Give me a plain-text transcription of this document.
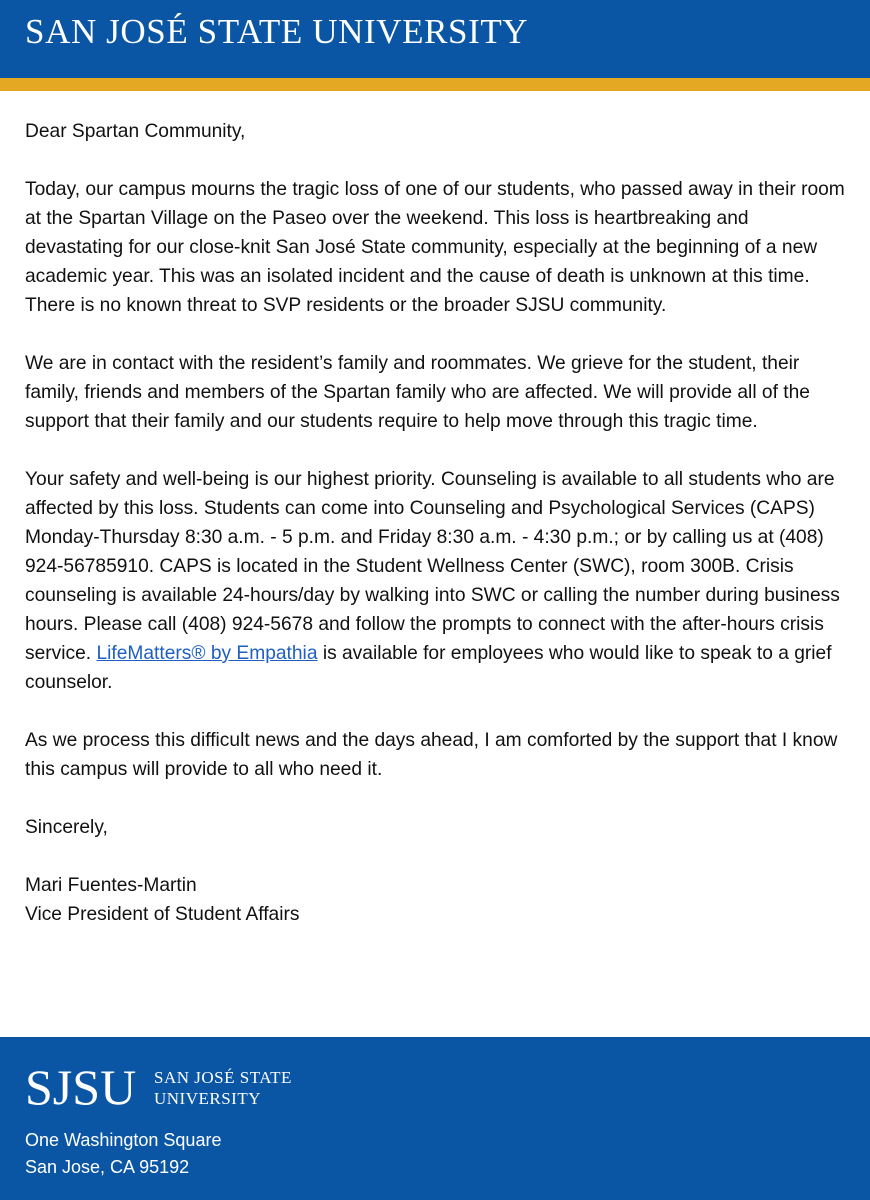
SAN JOSÉ STATE UNIVERSITY

Dear Spartan Community,

Today, our campus mourns the tragic loss of one of our students, who passed away in their room at the Spartan Village on the Paseo over the weekend. This loss is heartbreaking and devastating for our close-knit San José State community, especially at the beginning of a new academic year. This was an isolated incident and the cause of death is unknown at this time. There is no known threat to SVP residents or the broader SJSU community.

We are in contact with the resident’s family and roommates. We grieve for the student, their family, friends and members of the Spartan family who are affected. We will provide all of the support that their family and our students require to help move through this tragic time.

Your safety and well-being is our highest priority. Counseling is available to all students who are affected by this loss. Students can come into Counseling and Psychological Services (CAPS) Monday-Thursday 8:30 a.m. - 5 p.m. and Friday 8:30 a.m. - 4:30 p.m.; or by calling us at (408) 924-56785910. CAPS is located in the Student Wellness Center (SWC), room 300B. Crisis counseling is available 24-hours/day by walking into SWC or calling the number during business hours. Please call (408) 924-5678 and follow the prompts to connect with the after-hours crisis service. LifeMatters® by Empathia is available for employees who would like to speak to a grief counselor.

As we process this difficult news and the days ahead, I am comforted by the support that I know this campus will provide to all who need it.

Sincerely,

Mari Fuentes-Martin

Vice President of Student Affairs

SJSU SAN JOSÉ STATE
UNIVERSITY
One Washington Square
San Jose, CA 95192
